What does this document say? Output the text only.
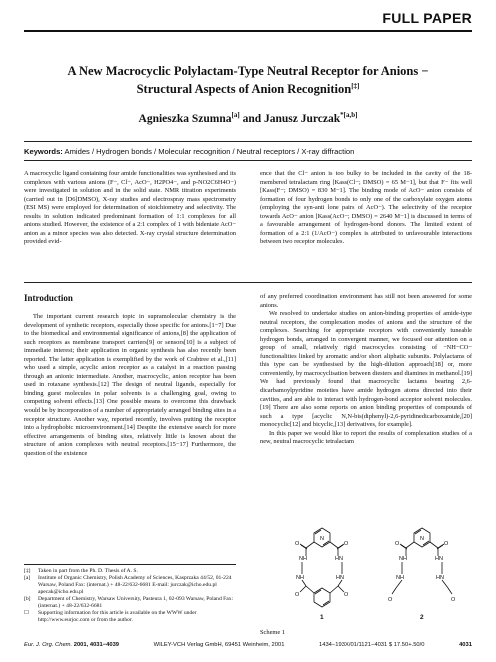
FULL PAPER
A New Macrocyclic Polylactam-Type Neutral Receptor for Anions −
Structural Aspects of Anion Recognition[‡]
Agnieszka Szumna[a] and Janusz Jurczak$^{*[a,b]}$
Keywords: Amides / Hydrogen bonds / Molecular recognition / Neutral receptors / X-ray diffraction
A macrocyclic ligand containing four amide functionalities was synthesised and its complexes with various anions (F−, Cl−, AcO−, H2PO4−, and p-NO2C6H4O−) were investigated in solution and in the solid state. NMR titration experiments (carried out in [D6]DMSO), X-ray studies and electrospray mass spectrometry (ESI MS) were employed for determination of stoichiometry and selectivity. The results in solution indicated predominant formation of 1:1 complexes for all anions studied. However, the existence of a 2:1 complex of 1 with bidentate AcO− anion as a minor species was also detected. X-ray crystal structure determination provided evid-
ence that the Cl− anion is too bulky to be included in the cavity of the 18-membered tetralactam ring [Kass(Cl−; DMSO) = 65 M−1], but that F− fits well [Kass(F−; DMSO) = 830 M−1]. The binding mode of AcO− anion consists of formation of four hydrogen bonds to only one of the carboxylate oxygen atoms (employing the syn-anti lone pairs of AcO−). The selectivity of the receptor towards AcO− anion [Kass(AcO−; DMSO) = 2640 M−1] is discussed in terms of a favourable arrangement of hydrogen-bond donors. The limited extent of formation of a 2:1 (1/AcO−) complex is attributed to unfavourable interactions between two receptor molecules.
Introduction

The important current research topic in supramolecular chemistry is the development of synthetic receptors, especially those specific for anions.[1−7] Due to the biomedical and environmental significance of anions,[8] the application of such receptors as membrane transport carriers[9] or sensors[10] is a subject of immediate interest; their application in organic synthesis has also recently been reported. The latter application is exemplified by the work of Crabtree et al.,[11] who used a simple, acyclic anion receptor as a catalyst in a reaction passing through an anionic intermediate. Another, macrocyclic, anion receptor has been used in rotaxane synthesis.[12] The design of neutral ligands, especially for binding guest molecules in polar solvents is a challenging goal, owing to competing solvent effects.[13] One possible means to overcome this drawback would be by incorporation of a number of appropriately arranged binding sites in a receptor structure. Another way, reported recently, involves putting the receptor into a hydrophobic microenvironment.[14] Despite the extensive search for more effective arrangements of binding sites, relatively little is known about the structure of anion complexes with neutral receptors.[15−17] Furthermore, the question of the existence

of any preferred coordination environment has still not been answered for some anions.

We resolved to undertake studies on anion-binding properties of amide-type neutral receptors, the complexation modes of anions and the structure of the complexes. Searching for appropriate receptors with conveniently tuneable hydrogen bonds, arranged in convergent manner, we focused our attention on a group of small, relatively rigid macrocycles consisting of −NH−CO− functionalities linked by aromatic and/or short aliphatic subunits. Polylactams of this type can be synthesised by the high-dilution approach[18] or, more conveniently, by macrocyclisation between diesters and diamines in methanol.[19] We had previously found that macrocyclic lactams bearing 2,6-dicarbamoylpyridine moieties have amide hydrogen atoms directed into their cavities, and are able to interact with hydrogen-bond acceptor solvent molecules.[19] There are also some reports on anion binding properties of compounds of such a type [acyclic N,N-bis(diphenyl)-2,6-pyridinedicarboxamide,[20] monocyclic[12] and bicyclic,[13] derivatives, for example].

In this paper we would like to report the results of complexation studies of a new, neutral macrocyclic tetralactam

N
O	O
NH	HN
NH	HN
O	O
N
O	O
NH	HN
NH	HN
O	O
1	2
Scheme 1
[‡]	Taken in part from the Ph. D. Thesis of A. S.
[a]	Institute of Organic Chemistry, Polish Academy of Sciences, Kasprzaka 44/52, 01-224 Warsaw, Poland Fax: (internat.) + 48-22/632-6681 E-mail: jurczak@icho.edu.pl apecak@icho.edu.pl
[b]	Department of Chemistry, Warsaw University, Pasteura 1, 02-093 Warsaw, Poland Fax: (internat.) + 48-22/632-6681
☐	Supporting information for this article is available on the WWW under http://www.eurjoc.com or from the author.
Eur. J. Org. Chem. 2001, 4031−4039	WILEY-VCH Verlag GmbH, 69451 Weinheim, 2001	1434−193X/01/1121−4031 $ 17.50+.50/0	4031
